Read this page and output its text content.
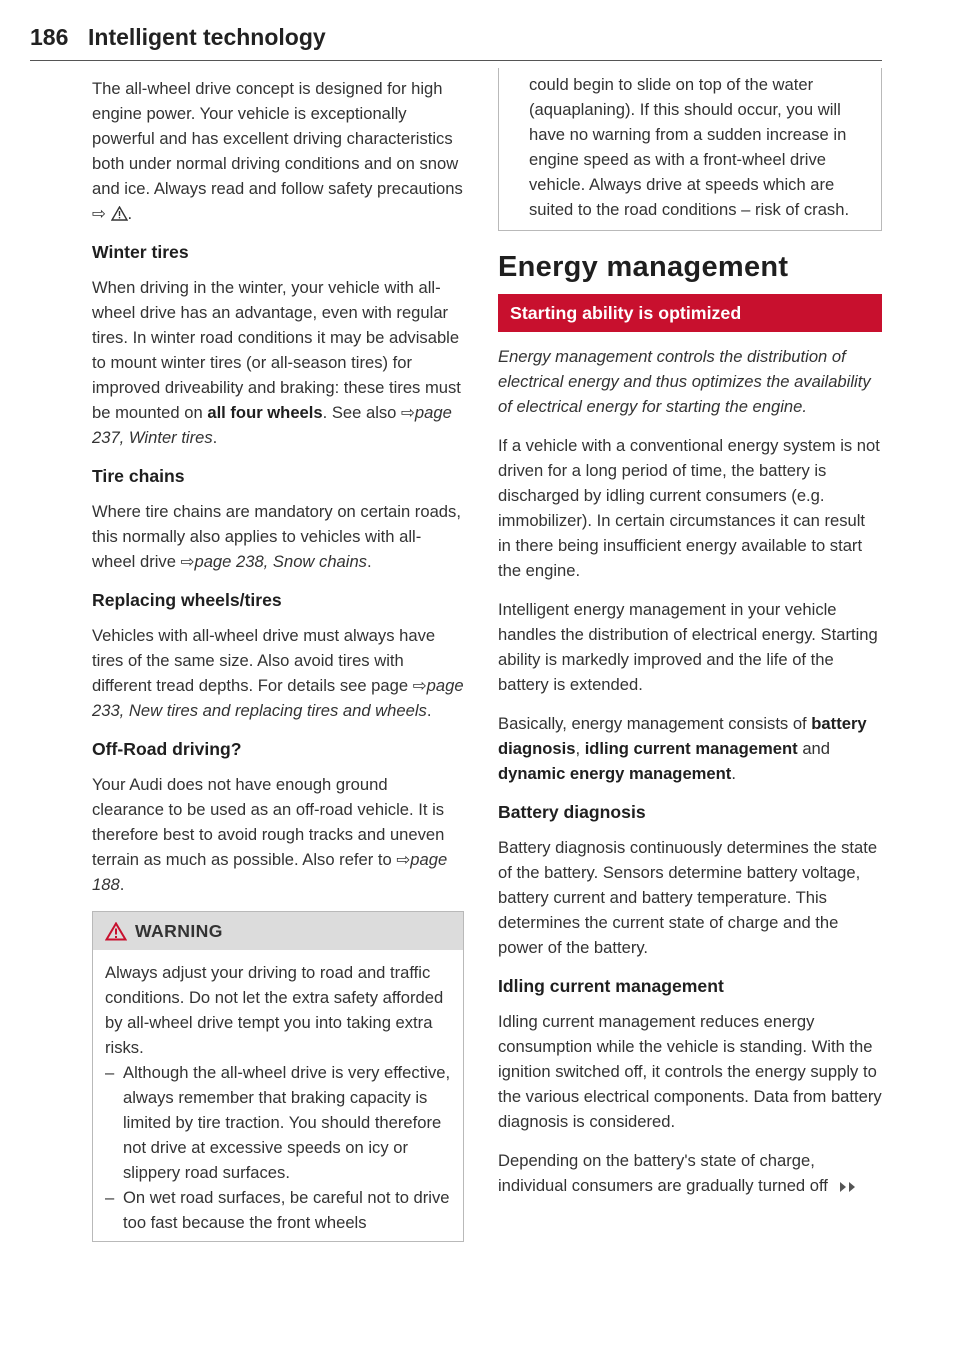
186 Intelligent technology

The all-wheel drive concept is designed for high engine power. Your vehicle is exceptionally powerful and has excellent driving characteristics both under normal driving conditions and on snow and ice. Always read and follow safety precautions ⇨ .

Winter tires

When driving in the winter, your vehicle with all-wheel drive has an advantage, even with regular tires. In winter road conditions it may be advisable to mount winter tires (or all-season tires) for improved driveability and braking: these tires must be mounted on all four wheels. See also ⇨page 237, Winter tires.

Tire chains

Where tire chains are mandatory on certain roads, this normally also applies to vehicles with all-wheel drive ⇨page 238, Snow chains.

Replacing wheels/tires

Vehicles with all-wheel drive must always have tires of the same size. Also avoid tires with different tread depths. For details see page ⇨page 233, New tires and replacing tires and wheels.

Off-Road driving?

Your Audi does not have enough ground clearance to be used as an off-road vehicle. It is therefore best to avoid rough tracks and uneven terrain as much as possible. Also refer to ⇨page 188.

WARNING

Always adjust your driving to road and traffic conditions. Do not let the extra safety afforded by all-wheel drive tempt you into taking extra risks.

– Although the all-wheel drive is very effective, always remember that braking capacity is limited by tire traction. You should therefore not drive at excessive speeds on icy or slippery road surfaces.

– On wet road surfaces, be careful not to drive too fast because the front wheels

could begin to slide on top of the water (aquaplaning). If this should occur, you will have no warning from a sudden increase in engine speed as with a front-wheel drive vehicle. Always drive at speeds which are suited to the road conditions – risk of crash.

Energy management
Starting ability is optimized

Energy management controls the distribution of electrical energy and thus optimizes the availability of electrical energy for starting the engine.

If a vehicle with a conventional energy system is not driven for a long period of time, the battery is discharged by idling current consumers (e.g. immobilizer). In certain circumstances it can result in there being insufficient energy available to start the engine.

Intelligent energy management in your vehicle handles the distribution of electrical energy. Starting ability is markedly improved and the life of the battery is extended.

Basically, energy management consists of battery diagnosis, idling current management and dynamic energy management.

Battery diagnosis

Battery diagnosis continuously determines the state of the battery. Sensors determine battery voltage, battery current and battery temperature. This determines the current state of charge and the power of the battery.

Idling current management

Idling current management reduces energy consumption while the vehicle is standing. With the ignition switched off, it controls the energy supply to the various electrical components. Data from battery diagnosis is considered.

Depending on the battery's state of charge, individual consumers are gradually turned off
